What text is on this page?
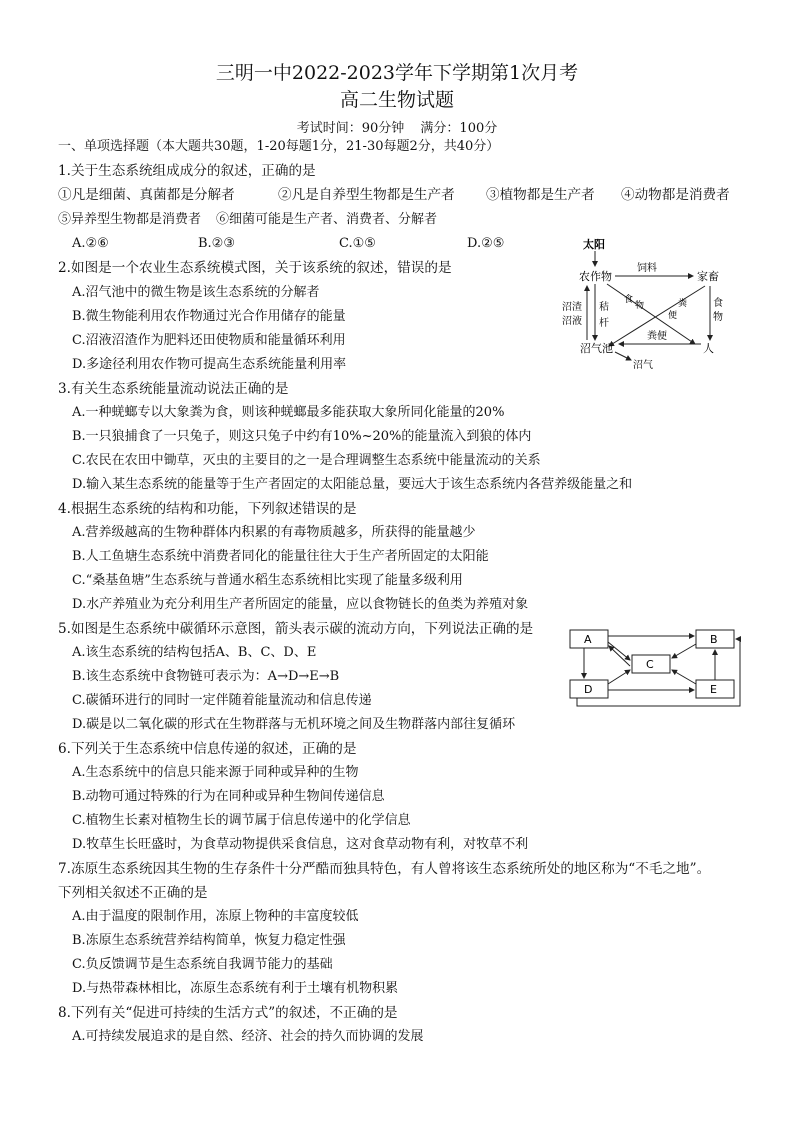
三明一中2022-2023学年下学期第1次月考
高二生物试题
考试时间：90分钟 满分：100分
一、单项选择题（本大题共30题，1-20每题1分，21-30每题2分，共40分）
1.关于生态系统组成成分的叙述，正确的是
①凡是细菌、真菌都是分解者	②凡是自养型生物都是生产者 ③植物都是生产者 ④动物都是消费者
⑤异养型生物都是消费者 ⑥细菌可能是生产者、消费者、分解者
A.②⑥	B.②③	C.①⑤	D.②⑤
2.如图是一个农业生态系统模式图，关于该系统的叙述，错误的是
A.沼气池中的微生物是该生态系统的分解者
B.微生物能利用农作物通过光合作用储存的能量
C.沼液沼渣作为肥料还田使物质和能量循环利用
D.多途径利用农作物可提高生态系统能量利用率
太阳
农作物	家畜
饲料
食
物	粪
便
秸
杆
沼渣
沼液
食
物
沼气池	人
粪便
沼气
3.有关生态系统能量流动说法正确的是
A.一种蜣螂专以大象粪为食，则该种蜣螂最多能获取大象所同化能量的20%
B.一只狼捕食了一只兔子，则这只兔子中约有10%~20%的能量流入到狼的体内
C.农民在农田中锄草，灭虫的主要目的之一是合理调整生态系统中能量流动的关系
D.输入某生态系统的能量等于生产者固定的太阳能总量，要远大于该生态系统内各营养级能量之和
4.根据生态系统的结构和功能，下列叙述错误的是
A.营养级越高的生物种群体内积累的有毒物质越多，所获得的能量越少
B.人工鱼塘生态系统中消费者同化的能量往往大于生产者所固定的太阳能
C.“桑基鱼塘”生态系统与普通水稻生态系统相比实现了能量多级利用
D.水产养殖业为充分利用生产者所固定的能量，应以食物链长的鱼类为养殖对象
5.如图是生态系统中碳循环示意图，箭头表示碳的流动方向，下列说法正确的是
A.该生态系统的结构包括A、B、C、D、E
B.该生态系统中食物链可表示为：A→D→E→B
C.碳循环进行的同时一定伴随着能量流动和信息传递
D.碳是以二氧化碳的形式在生物群落与无机环境之间及生物群落内部往复循环
A	B
C
D	E
6.下列关于生态系统中信息传递的叙述，正确的是
A.生态系统中的信息只能来源于同种或异种的生物
B.动物可通过特殊的行为在同种或异种生物间传递信息
C.植物生长素对植物生长的调节属于信息传递中的化学信息
D.牧草生长旺盛时，为食草动物提供采食信息，这对食草动物有利，对牧草不利
7.冻原生态系统因其生物的生存条件十分严酷而独具特色，有人曾将该生态系统所处的地区称为“不毛之地”。
下列相关叙述不正确的是
A.由于温度的限制作用，冻原上物种的丰富度较低
B.冻原生态系统营养结构简单，恢复力稳定性强
C.负反馈调节是生态系统自我调节能力的基础
D.与热带森林相比，冻原生态系统有利于土壤有机物积累
8.下列有关“促进可持续的生活方式”的叙述，不正确的是
A.可持续发展追求的是自然、经济、社会的持久而协调的发展
